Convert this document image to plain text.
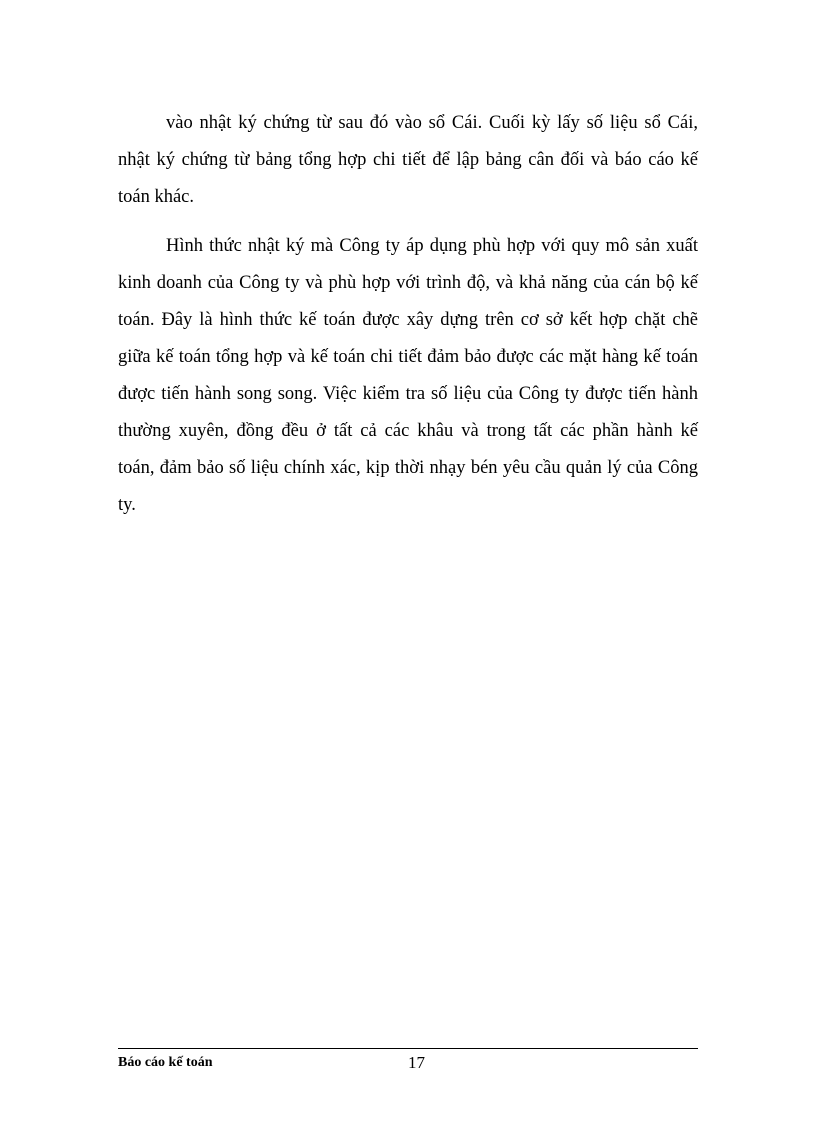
vào nhật ký chứng từ sau đó vào sổ Cái. Cuối kỳ lấy số liệu sổ Cái,
nhật ký chứng từ bảng tổng hợp chi tiết để lập bảng cân đối và báo cáo kế
toán khác.

Hình thức nhật ký mà Công ty áp dụng phù hợp với quy mô sản xuất
kinh doanh của Công ty và phù hợp với trình độ, và khả năng của cán bộ kế
toán. Đây là hình thức kế toán được xây dựng trên cơ sở kết hợp chặt chẽ
giữa kế toán tổng hợp và kế toán chi tiết đảm bảo được các mặt hàng kế toán
được tiến hành song song. Việc kiểm tra số liệu của Công ty được tiến hành
thường xuyên, đồng đều ở tất cả các khâu và trong tất các phần hành kế
toán, đảm bảo số liệu chính xác, kịp thời nhạy bén yêu cầu quản lý của Công
ty.

Báo cáo kế toán	17
